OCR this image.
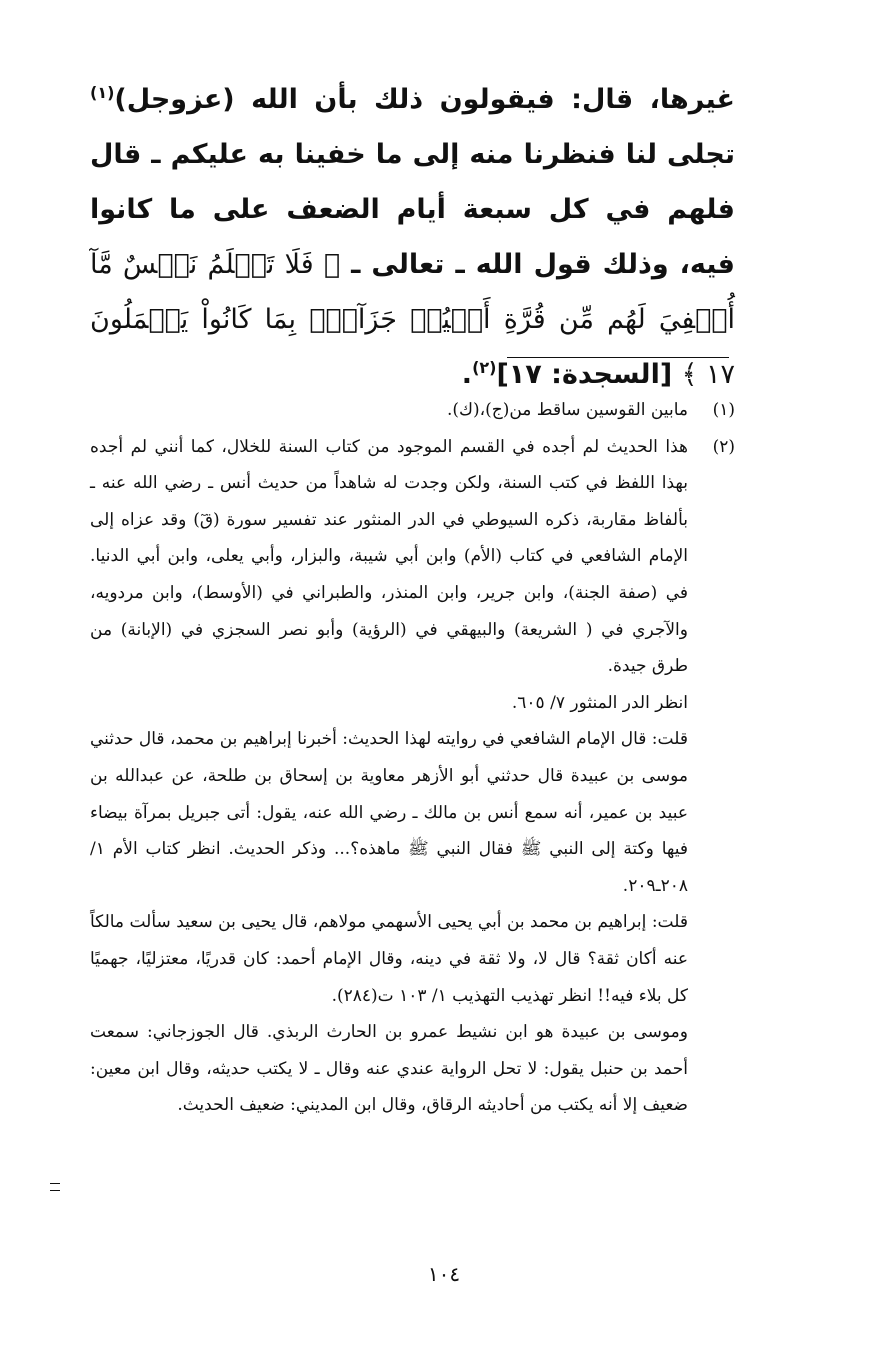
غيرها، قال: فيقولون ذلك بأن الله (عزوجل)$^{(١)}$ تجلى لنا فنظرنا منه إلى ما خفينا به عليكم ـ قال فلهم في كل سبعة أيام الضعف على ما كانوا فيه، وذلك قول الله ـ تعالى ـ ﴿ فَلَا تَعۡلَمُ نَفۡسٌ مَّآ أُخۡفِيَ لَهُم مِّن قُرَّةِ أَعۡيُنٖ جَزَآءَۢ بِمَا كَانُواْ يَعۡمَلُونَ ١٧ ﴾ [السجدة: ١٧]$^{(٢)}$.

(١)

مابين القوسين ساقط من(ج)،(ك).

(٢)

هذا الحديث لم أجده في القسم الموجود من كتاب السنة للخلال، كما أنني لم أجده بهذا اللفظ في كتب السنة، ولكن وجدت له شاهداً من حديث أنس ـ رضي الله عنه ـ بألفاظ مقاربة، ذكره السيوطي في الدر المنثور عند تفسير سورة (قٓ) وقد عزاه إلى الإمام الشافعي في كتاب (الأم) وابن أبي شيبة، والبزار، وأبي يعلى، وابن أبي الدنيا. في (صفة الجنة)، وابن جرير، وابن المنذر، والطبراني في (الأوسط)، وابن مردويه، والآجري في ( الشريعة) والبيهقي في (الرؤية) وأبو نصر السجزي في (الإبانة) من طرق جيدة.

انظر الدر المنثور ٧/ ٦٠٥.

قلت: قال الإمام الشافعي في روايته لهذا الحديث: أخبرنا إبراهيم بن محمد، قال حدثني موسى بن عبيدة قال حدثني أبو الأزهر معاوية بن إسحاق بن طلحة، عن عبدالله بن عبيد بن عمير، أنه سمع أنس بن مالك ـ رضي الله عنه، يقول: أتى جبريل بمرآة بيضاء فيها وكتة إلى النبي ﷺ فقال النبي ﷺ ماهذه؟... وذكر الحديث. انظر كتاب الأم ١/ ٢٠٨ـ٢٠٩.

قلت: إبراهيم بن محمد بن أبي يحيى الأسهمي مولاهم، قال يحيى بن سعيد سألت مالكاً عنه أكان ثقة؟ قال لا، ولا ثقة في دينه، وقال الإمام أحمد: كان قدريًا، معتزليًا، جهميًا كل بلاء فيه!! انظر تهذيب التهذيب ١/ ١٠٣ ت(٢٨٤).

وموسى بن عبيدة هو ابن نشيط عمرو بن الحارث الربذي. قال الجوزجاني: سمعت أحمد بن حنبل يقول: لا تحل الرواية عندي عنه وقال ـ لا يكتب حديثه، وقال ابن معين: ضعيف إلا أنه يكتب من أحاديثه الرقاق، وقال ابن المديني: ضعيف الحديث.

١٠٤
